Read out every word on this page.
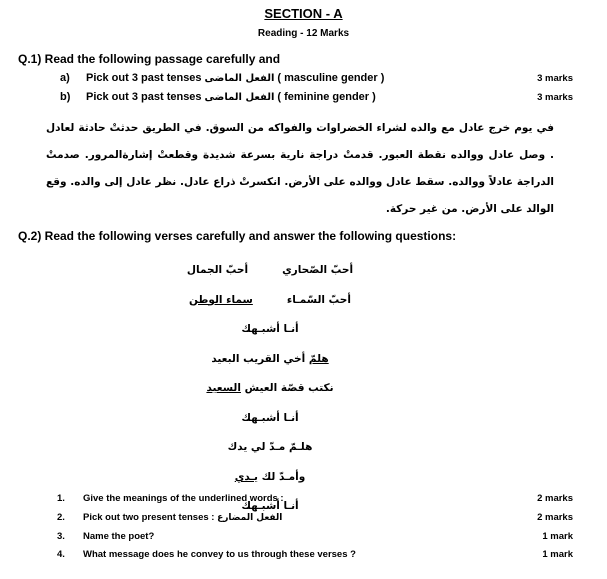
SECTION - A
Reading - 12 Marks
Q.1) Read the following passage carefully and
a) Pick out 3 past tenses الفعل الماضى ( masculine gender )	3 marks
b) Pick out 3 past tenses الفعل الماضى ( feminine gender )	3 marks
في يوم خرج عادل مع والده لشراء الخضراوات والفواكه من السوق. في الطريق حدثتْ حادثة لعادل . وصل عادل ووالده نقطة العبور. قدمتْ دراجة نارية بسرعة شديدة وقطعتْ إشارةالمرور. صدمتْ الدراجة عادلاً ووالده. سقط عادل ووالده على الأرض. انكسرتْ ذراع عادل. نظر عادل إلى والده. وقع الوالد على الأرض. من غير حركة.
Q.2) Read the following verses carefully and answer the following questions:
أحبّ الصّحاريأحبّ الجمال
أحبّ السّمـاءسماء الوطن
أنـا أشبـهك
هلمّ أخي القريب البعيد
نكتب قصّة العيش السعيد
أنـا أشبـهك
هلـمّ مـدّ لي يدك
وأمـدّ لك يـدي
أنـا أشبـهك
1. Give the meanings of the underlined words :	2 marks
2. Pick out two present tenses : الفعل المضارع	2 marks
3. Name the poet?	1 mark
4. What message does he convey to us through these verses ?	1 mark
